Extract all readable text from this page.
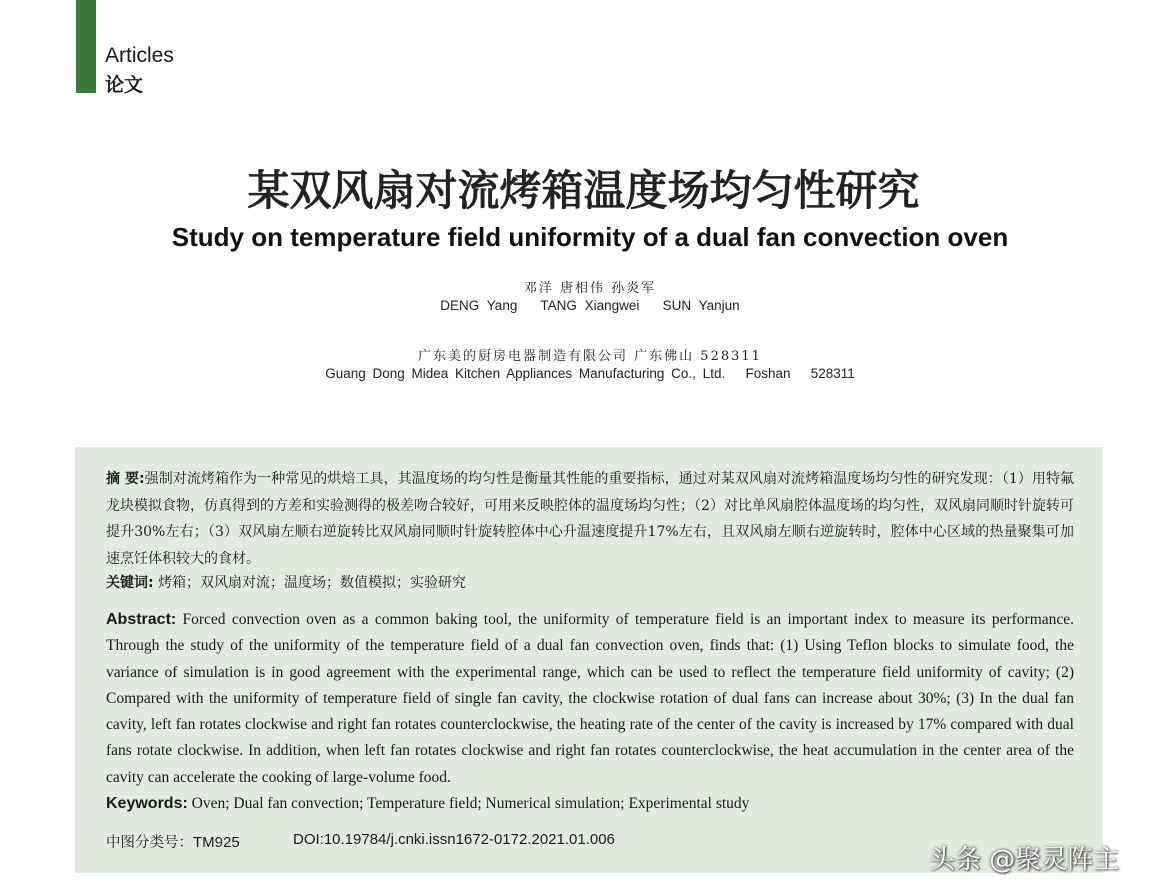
Articles
论文
某双风扇对流烤箱温度场均匀性研究
Study on temperature field uniformity of a dual fan convection oven
邓洋 唐相伟 孙炎军
DENG Yang   TANG Xiangwei   SUN Yanjun
广东美的厨房电器制造有限公司 广东佛山 528311
Guang Dong Midea Kitchen Appliances Manufacturing Co., Ltd.   Foshan   528311
摘 要:强制对流烤箱作为一种常见的烘焙工具，其温度场的均匀性是衡量其性能的重要指标，通过对某双风扇对流烤箱温度场均匀性的研究发现：（1）用特氟龙块模拟食物，仿真得到的方差和实验测得的极差吻合较好，可用来反映腔体的温度场均匀性；（2）对比单风扇腔体温度场的均匀性，双风扇同顺时针旋转可提升30%左右；（3）双风扇左顺右逆旋转比双风扇同顺时针旋转腔体中心升温速度提升17%左右，且双风扇左顺右逆旋转时，腔体中心区域的热量聚集可加速烹饪体积较大的食材。
关键词: 烤箱；双风扇对流；温度场；数值模拟；实验研究
Abstract: Forced convection oven as a common baking tool, the uniformity of temperature field is an important index to measure its performance. Through the study of the uniformity of the temperature field of a dual fan convection oven, finds that: (1) Using Teflon blocks to simulate food, the variance of simulation is in good agreement with the experimental range, which can be used to reflect the temperature field uniformity of cavity; (2) Compared with the uniformity of temperature field of single fan cavity, the clockwise rotation of dual fans can increase about 30%; (3) In the dual fan cavity, left fan rotates clockwise and right fan rotates counterclockwise, the heating rate of the center of the cavity is increased by 17% compared with dual fans rotate clockwise. In addition, when left fan rotates clockwise and right fan rotates counterclockwise, the heat accumulation in the center area of the cavity can accelerate the cooking of large-volume food.
Keywords: Oven; Dual fan convection; Temperature field; Numerical simulation; Experimental study
中图分类号：TM925	DOI:10.19784/j.cnki.issn1672-0172.2021.01.006
头条 @聚灵阵主
